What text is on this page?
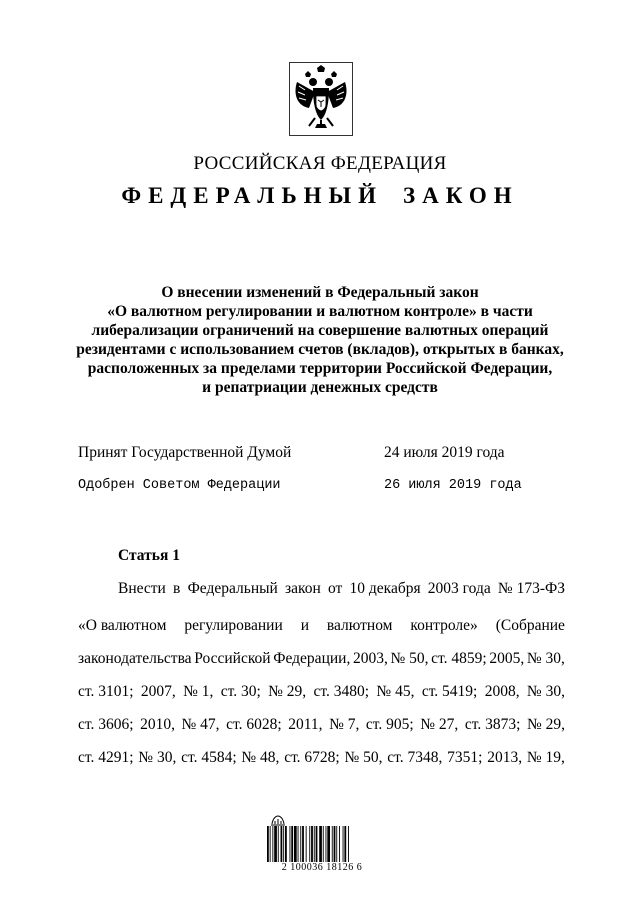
РОССИЙСКАЯ ФЕДЕРАЦИЯ
ФЕДЕРАЛЬНЫЙ ЗАКОН
О внесении изменений в Федеральный закон
«О валютном регулировании и валютном контроле» в части
либерализации ограничений на совершение валютных операций
резидентами с использованием счетов (вкладов), открытых в банках,
расположенных за пределами территории Российской Федерации,
и репатриации денежных средств
Принят Государственной Думой	24 июля 2019 года
Одобрен Советом Федерации	26 июля 2019 года
Статья 1
Внести в Федеральный закон от 10 декабря 2003 года № 173-ФЗ
«О валютном регулировании и валютном контроле» (Собрание
законодательства Российской Федерации, 2003, № 50, ст. 4859; 2005, № 30,
ст. 3101; 2007, № 1, ст. 30; № 29, ст. 3480; № 45, ст. 5419; 2008, № 30,
ст. 3606; 2010, № 47, ст. 6028; 2011, № 7, ст. 905; № 27, ст. 3873; № 29,
ст. 4291; № 30, ст. 4584; № 48, ст. 6728; № 50, ст. 7348, 7351; 2013, № 19,
2 100036 18126 6
